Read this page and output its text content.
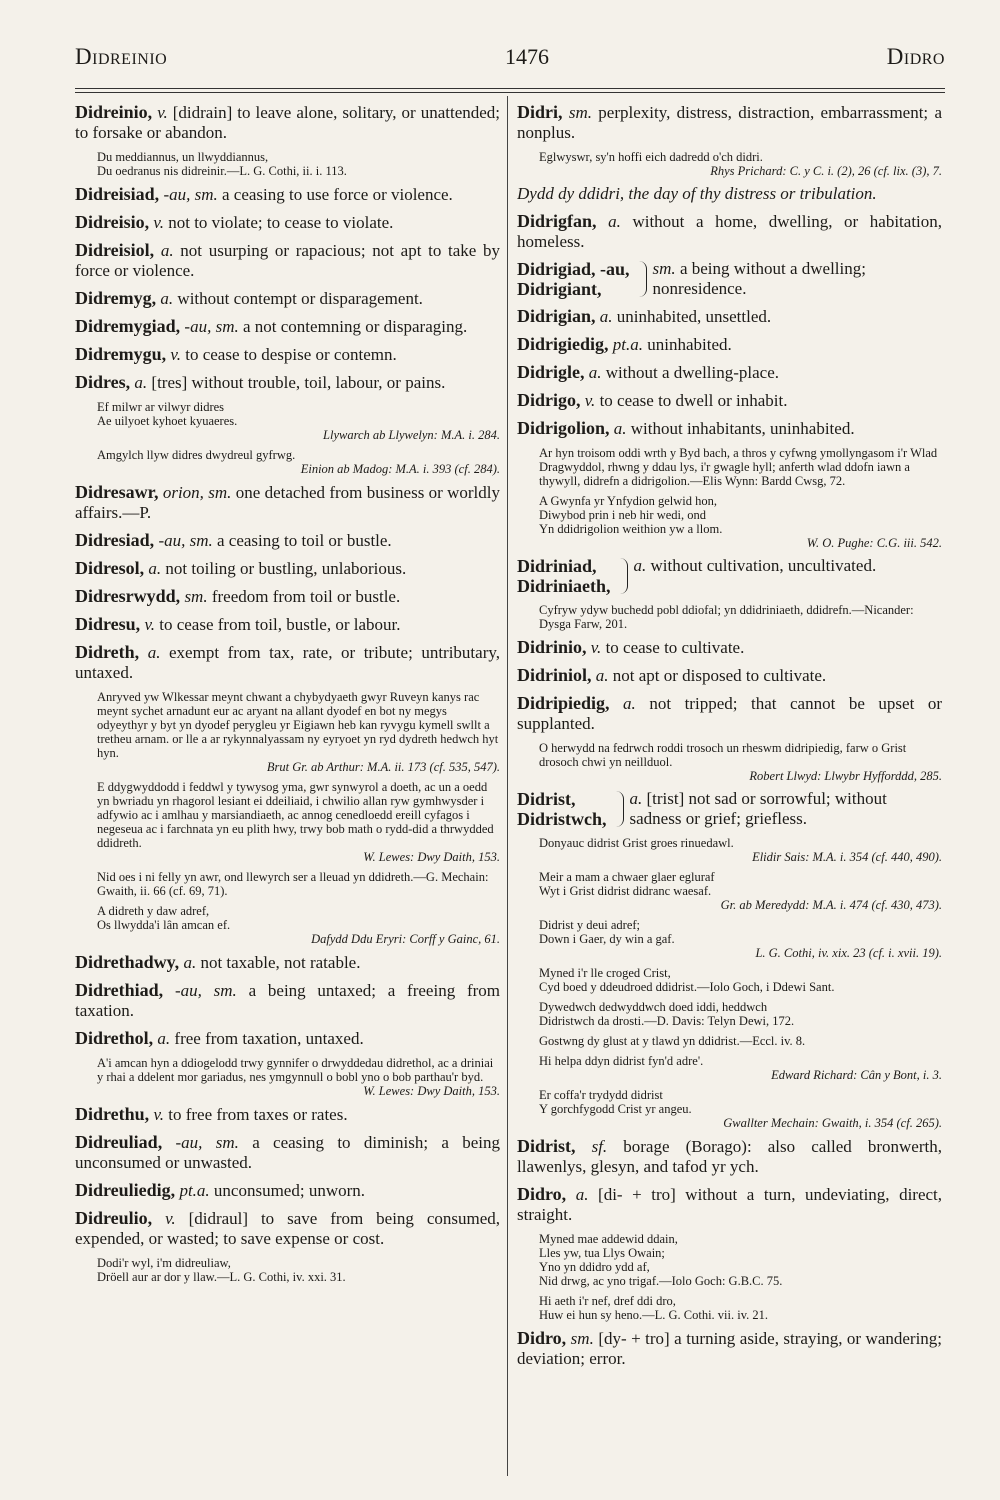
Didreinio	1476	Didro

Didreinio, v. [didrain] to leave alone, solitary, or unattended; to forsake or abandon.

Du meddiannus, un llwyddiannus,
Du oedranus nis didreinir.—L. G. Cothi, ii. i. 113.

Didreisiad, -au, sm. a ceasing to use force or violence.

Didreisio, v. not to violate; to cease to violate.

Didreisiol, a. not usurping or rapacious; not apt to take by force or violence.

Didremyg, a. without contempt or disparagement.

Didremygiad, -au, sm. a not contemning or disparaging.

Didremygu, v. to cease to despise or contemn.

Didres, a. [tres] without trouble, toil, labour, or pains.

Ef milwr ar vilwyr didres
Ae uilyoet kyhoet kyuaeres.
Llywarch ab Llywelyn: M.A. i. 284.
Amgylch llyw didres dwydreul gyfrwg.
Einion ab Madog: M.A. i. 393 (cf. 284).

Didresawr, orion, sm. one detached from business or worldly affairs.—P.

Didresiad, -au, sm. a ceasing to toil or bustle.

Didresol, a. not toiling or bustling, unlaborious.

Didresrwydd, sm. freedom from toil or bustle.

Didresu, v. to cease from toil, bustle, or labour.

Didreth, a. exempt from tax, rate, or tribute; untributary, untaxed.

Anryved yw Wlkessar meynt chwant a chybydyaeth gwyr Ruveyn kanys rac meynt sychet arnadunt eur ac aryant na allant dyodef en bot ny megys odyeythyr y byt yn dyodef perygleu yr Eigiawn heb kan ryvygu kymell swllt a tretheu arnam. or lle a ar rykynnalyassam ny eyryoet yn ryd dydreth hedwch hyt hyn.
Brut Gr. ab Arthur: M.A. ii. 173 (cf. 535, 547).
E ddygwyddodd i feddwl y tywysog yma, gwr synwyrol a doeth, ac un a oedd yn bwriadu yn rhagorol lesiant ei ddeiliaid, i chwilio allan ryw gymhwysder i adfywio ac i amlhau y marsiandiaeth, ac annog cenedloedd ereill cyfagos i negeseua ac i farchnata yn eu plith hwy, trwy bob math o rydd-did a thrwydded ddidreth.
W. Lewes: Dwy Daith, 153.
Nid oes i ni felly yn awr, ond llewyrch ser a lleuad yn ddidreth.—G. Mechain: Gwaith, ii. 66 (cf. 69, 71).
A didreth y daw adref,
Os llwydda'i lân amcan ef.
Dafydd Ddu Eryri: Corff y Gainc, 61.

Didrethadwy, a. not taxable, not ratable.

Didrethiad, -au, sm. a being untaxed; a freeing from taxation.

Didrethol, a. free from taxation, untaxed.

A'i amcan hyn a ddiogelodd trwy gynnifer o drwyddedau didrethol, ac a driniai y rhai a ddelent mor gariadus, nes ymgynnull o bobl yno o bob parthau'r byd.
W. Lewes: Dwy Daith, 153.

Didrethu, v. to free from taxes or rates.

Didreuliad, -au, sm. a ceasing to diminish; a being unconsumed or unwasted.

Didreuliedig, pt.a. unconsumed; unworn.

Didreulio, v. [didraul] to save from being consumed, expended, or wasted; to save expense or cost.

Dodi'r wyl, i'm didreuliaw,
Dröell aur ar dor y llaw.—L. G. Cothi, iv. xxi. 31.

Didri, sm. perplexity, distress, distraction, embarrassment; a nonplus.

Eglwyswr, sy'n hoffi eich dadredd o'ch didri.
Rhys Prichard: C. y C. i. (2), 26 (cf. lix. (3), 7.

Dydd dy ddidri, the day of thy distress or tribulation.

Didrigfan, a. without a home, dwelling, or habitation, homeless.

Didrigiad, -au,
Didrigiant,
sm. a being without a dwelling; nonresidence.

Didrigian, a. uninhabited, unsettled.

Didrigiedig, pt.a. uninhabited.

Didrigle, a. without a dwelling-place.

Didrigo, v. to cease to dwell or inhabit.

Didrigolion, a. without inhabitants, uninhabited.

Ar hyn troisom oddi wrth y Byd bach, a thros y cyfwng ymollyngasom i'r Wlad Dragwyddol, rhwng y ddau lys, i'r gwagle hyll; anferth wlad ddofn iawn a thywyll, didrefn a didrigolion.—Elis Wynn: Bardd Cwsg, 72.
A Gwynfa yr Ynfydion gelwid hon,
Diwybod prin i neb hir wedi, ond
Yn ddidrigolion weithion yw a llom.
W. O. Pughe: C.G. iii. 542.
Didriniad,
Didriniaeth,
a. without cultivation, uncultivated.
Cyfryw ydyw buchedd pobl ddiofal; yn ddidriniaeth, ddidrefn.—Nicander: Dysga Farw, 201.

Didrinio, v. to cease to cultivate.

Didriniol, a. not apt or disposed to cultivate.

Didripiedig, a. not tripped; that cannot be upset or supplanted.

O herwydd na fedrwch roddi trosoch un rheswm didripiedig, farw o Grist drosoch chwi yn neillduol.
Robert Llwyd: Llwybr Hyfforddd, 285.
Didrist,
Didristwch,
a. [trist] not sad or sorrowful; without sadness or grief; griefless.
Donyauc didrist Grist groes rinuedawl.
Elidir Sais: M.A. i. 354 (cf. 440, 490).
Meir a mam a chwaer glaer egluraf
Wyt i Grist didrist didranc waesaf.
Gr. ab Meredydd: M.A. i. 474 (cf. 430, 473).
Didrist y deui adref;
Down i Gaer, dy win a gaf.
L. G. Cothi, iv. xix. 23 (cf. i. xvii. 19).
Myned i'r lle croged Crist,
Cyd boed y ddeudroed ddidrist.—Iolo Goch, i Ddewi Sant.
Dywedwch dedwyddwch doed iddi, heddwch
Didristwch da drosti.—D. Davis: Telyn Dewi, 172.
Gostwng dy glust at y tlawd yn ddidrist.—Eccl. iv. 8.
Hi helpa ddyn didrist fyn'd adre'.
Edward Richard: Cân y Bont, i. 3.
Er coffa'r trydydd didrist
Y gorchfygodd Crist yr angeu.
Gwallter Mechain: Gwaith, i. 354 (cf. 265).

Didrist, sf. borage (Borago): also called bronwerth, llawenlys, glesyn, and tafod yr ych.

Didro, a. [di- + tro] without a turn, undeviating, direct, straight.

Myned mae addewid ddain,
Lles yw, tua Llys Owain;
Yno yn ddidro ydd af,
Nid drwg, ac yno trigaf.—Iolo Goch: G.B.C. 75.
Hi aeth i'r nef, dref ddi dro,
Huw ei hun sy heno.—L. G. Cothi. vii. iv. 21.

Didro, sm. [dy- + tro] a turning aside, straying, or wandering; deviation; error.
